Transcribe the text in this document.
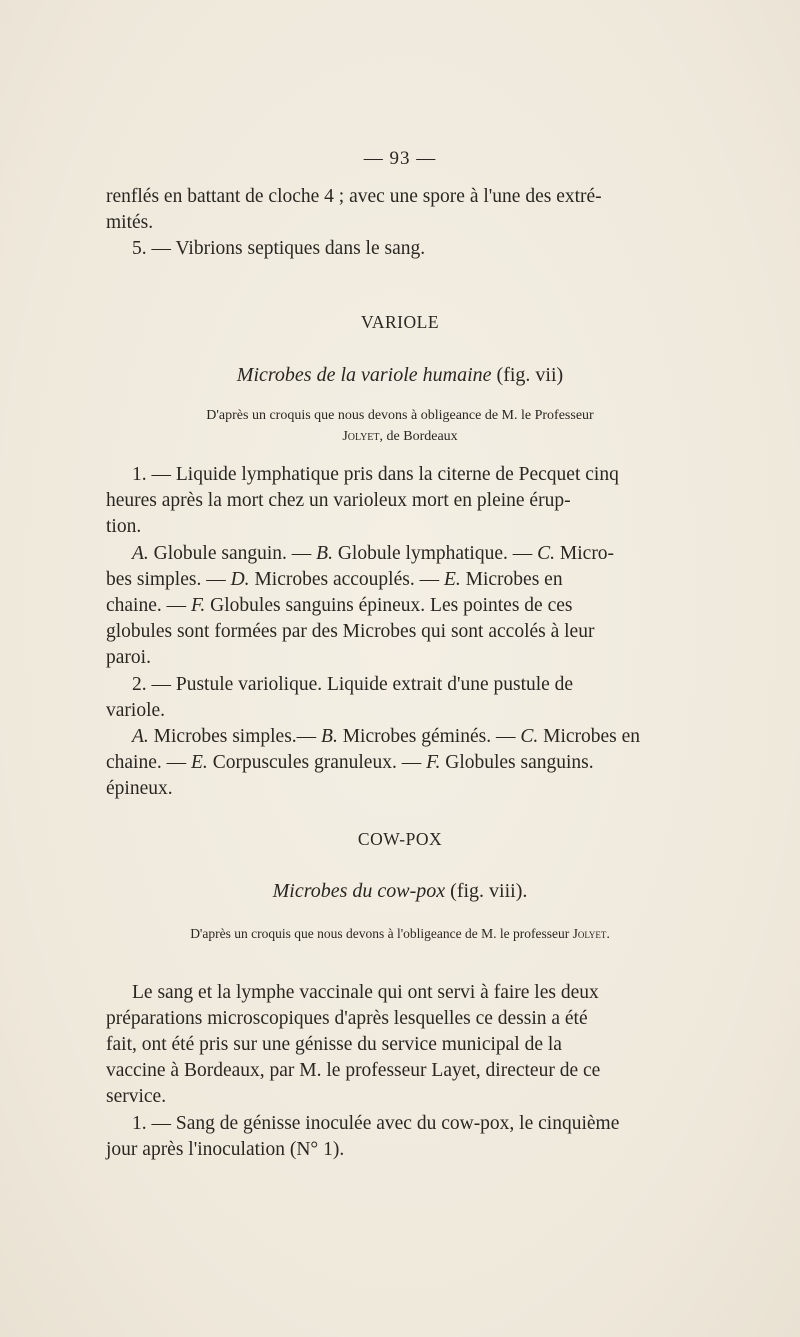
— 93 —

renflés en battant de cloche 4 ; avec une spore à l'une des extré-

mités.

5. — Vibrions septiques dans le sang.

VARIOLE
Microbes de la variole humaine (fig. vii)

D'après un croquis que nous devons à obligeance de M. le Professeur

Jolyet, de Bordeaux

1. — Liquide lymphatique pris dans la citerne de Pecquet cinq

heures après la mort chez un varioleux mort en pleine érup-

tion.

A. Globule sanguin. — B. Globule lymphatique. — C. Micro-

bes simples. — D. Microbes accouplés. — E. Microbes en

chaine. — F. Globules sanguins épineux. Les pointes de ces

globules sont formées par des Microbes qui sont accolés à leur

paroi.

2. — Pustule variolique. Liquide extrait d'une pustule de

variole.

A. Microbes simples.— B. Microbes géminés. — C. Microbes en

chaine. — E. Corpuscules granuleux. — F. Globules sanguins.

épineux.

COW-POX
Microbes du cow-pox (fig. viii).

D'après un croquis que nous devons à l'obligeance de M. le professeur Jolyet.

Le sang et la lymphe vaccinale qui ont servi à faire les deux

préparations microscopiques d'après lesquelles ce dessin a été

fait, ont été pris sur une génisse du service municipal de la

vaccine à Bordeaux, par M. le professeur Layet, directeur de ce

service.

1. — Sang de génisse inoculée avec du cow-pox, le cinquième

jour après l'inoculation (N° 1).
